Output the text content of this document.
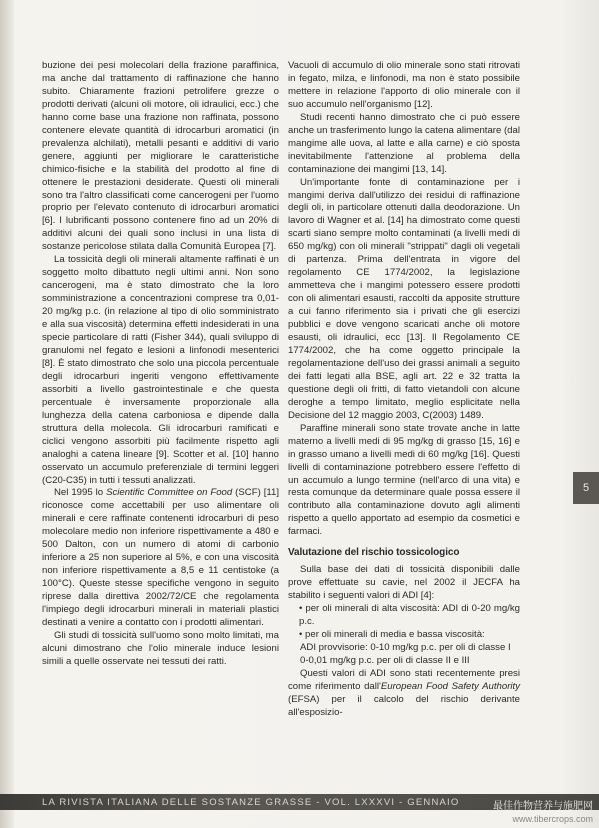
buzione dei pesi molecolari della frazione paraffinica, ma anche dal trattamento di raffinazione che hanno subito. Chiaramente frazioni petrolifere grezze o prodotti derivati (alcuni oli motore, oli idraulici, ecc.) che hanno come base una frazione non raffinata, possono contenere elevate quantità di idrocarburi aromatici (in prevalenza alchilati), metalli pesanti e additivi di vario genere, aggiunti per migliorare le caratteristiche chimico-fisiche e la stabilità del prodotto al fine di ottenere le prestazioni desiderate. Questi oli minerali sono tra l'altro classificati come cancerogeni per l'uomo proprio per l'elevato contenuto di idrocarburi aromatici [6]. I lubrificanti possono contenere fino ad un 20% di additivi alcuni dei quali sono inclusi in una lista di sostanze pericolose stilata dalla Comunità Europea [7].

La tossicità degli oli minerali altamente raffinati è un soggetto molto dibattuto negli ultimi anni. Non sono cancerogeni, ma è stato dimostrato che la loro somministrazione a concentrazioni comprese tra 0,01-20 mg/kg p.c. (in relazione al tipo di olio somministrato e alla sua viscosità) determina effetti indesiderati in una specie particolare di ratti (Fisher 344), quali sviluppo di granulomi nel fegato e lesioni a linfonodi mesenterici [8]. È stato dimostrato che solo una piccola percentuale degli idrocarburi ingeriti vengono effettivamente assorbiti a livello gastrointestinale e che questa percentuale è inversamente proporzionale alla lunghezza della catena carboniosa e dipende dalla struttura della molecola. Gli idrocarburi ramificati e ciclici vengono assorbiti più facilmente rispetto agli analoghi a catena lineare [9]. Scotter et al. [10] hanno osservato un accumulo preferenziale di termini leggeri (C20-C35) in tutti i tessuti analizzati.

Nel 1995 lo Scientific Committee on Food (SCF) [11] riconosce come accettabili per uso alimentare oli minerali e cere raffinate contenenti idrocarburi di peso molecolare medio non inferiore rispettivamente a 480 e 500 Dalton, con un numero di atomi di carbonio inferiore a 25 non superiore al 5%, e con una viscosità non inferiore rispettivamente a 8,5 e 11 centistoke (a 100°C). Queste stesse specifiche vengono in seguito riprese dalla direttiva 2002/72/CE che regolamenta l'impiego degli idrocarburi minerali in materiali plastici destinati a venire a contatto con i prodotti alimentari.

Gli studi di tossicità sull'uomo sono molto limitati, ma alcuni dimostrano che l'olio minerale induce lesioni simili a quelle osservate nei tessuti dei ratti.

Vacuoli di accumulo di olio minerale sono stati ritrovati in fegato, milza, e linfonodi, ma non è stato possibile mettere in relazione l'apporto di olio minerale con il suo accumulo nell'organismo [12].

Studi recenti hanno dimostrato che ci può essere anche un trasferimento lungo la catena alimentare (dal mangime alle uova, al latte e alla carne) e ciò sposta inevitabilmente l'attenzione al problema della contaminazione dei mangimi [13, 14].

Un'importante fonte di contaminazione per i mangimi deriva dall'utilizzo dei residui di raffinazione degli oli, in particolare ottenuti dalla deodorazione. Un lavoro di Wagner et al. [14] ha dimostrato come questi scarti siano sempre molto contaminati (a livelli medi di 650 mg/kg) con oli minerali "strippati" dagli oli vegetali di partenza. Prima dell'entrata in vigore del regolamento CE 1774/2002, la legislazione ammetteva che i mangimi potessero essere prodotti con oli alimentari esausti, raccolti da apposite strutture a cui fanno riferimento sia i privati che gli esercizi pubblici e dove vengono scaricati anche oli motore esausti, oli idraulici, ecc [13]. Il Regolamento CE 1774/2002, che ha come oggetto principale la regolamentazione dell'uso dei grassi animali a seguito dei fatti legati alla BSE, agli art. 22 e 32 tratta la questione degli oli fritti, di fatto vietandoli con alcune deroghe a tempo limitato, meglio esplicitate nella Decisione del 12 maggio 2003, C(2003) 1489.

Paraffine minerali sono state trovate anche in latte materno a livelli medi di 95 mg/kg di grasso [15, 16] e in grasso umano a livelli medi di 60 mg/kg [16]. Questi livelli di contaminazione potrebbero essere l'effetto di un accumulo a lungo termine (nell'arco di una vita) e resta comunque da determinare quale possa essere il contributo alla contaminazione dovuto agli alimenti rispetto a quello apportato ad esempio da cosmetici e farmaci.

Valutazione del rischio tossicologico

Sulla base dei dati di tossicità disponibili dalle prove effettuate su cavie, nel 2002 il JECFA ha stabilito i seguenti valori di ADI [4]:

• per oli minerali di alta viscosità: ADI di 0-20 mg/kg p.c.

• per oli minerali di media e bassa viscosità:

ADI provvisorie: 0-10 mg/kg p.c. per oli di classe I

0-0,01 mg/kg p.c. per oli di classe II e III

Questi valori di ADI sono stati recentemente presi come riferimento dall'European Food Safety Authority (EFSA) per il calcolo del rischio derivante all'esposizio-

5
LA RIVISTA ITALIANA DELLE SOSTANZE GRASSE - VOL. LXXXVI - GENNAIO	最佳作物营养与施肥网
www.tibercrops.com
